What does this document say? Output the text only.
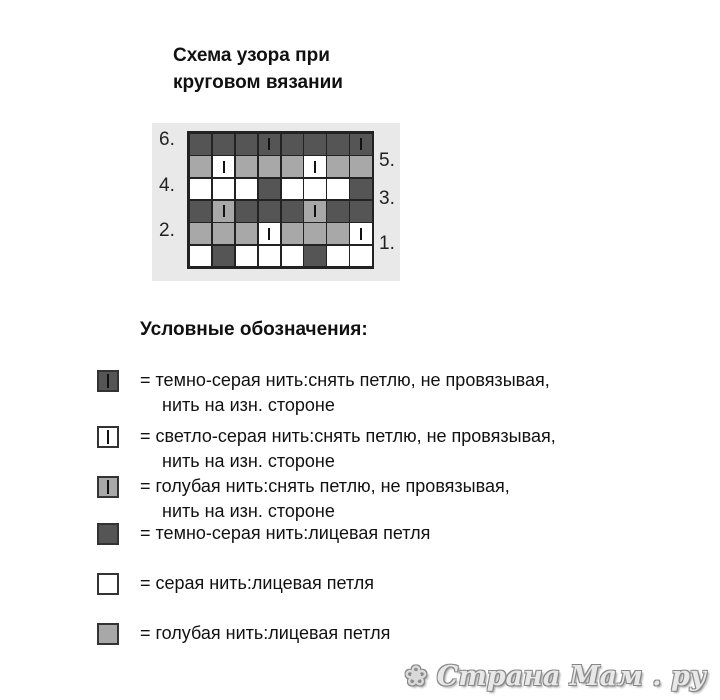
Схема узора при
круговом вязании
6.
4.
2.
5.
3.
1.
Условные обозначения:
= темно-серая нить:снять петлю, не провязывая,
нить на изн. стороне
= светло-серая нить:снять петлю, не провязывая,
нить на изн. стороне
= голубая нить:снять петлю, не провязывая,
нить на изн. стороне
= темно-серая нить:лицевая петля
= серая нить:лицевая петля
= голубая нить:лицевая петля
❀ Страна Мам . ру
